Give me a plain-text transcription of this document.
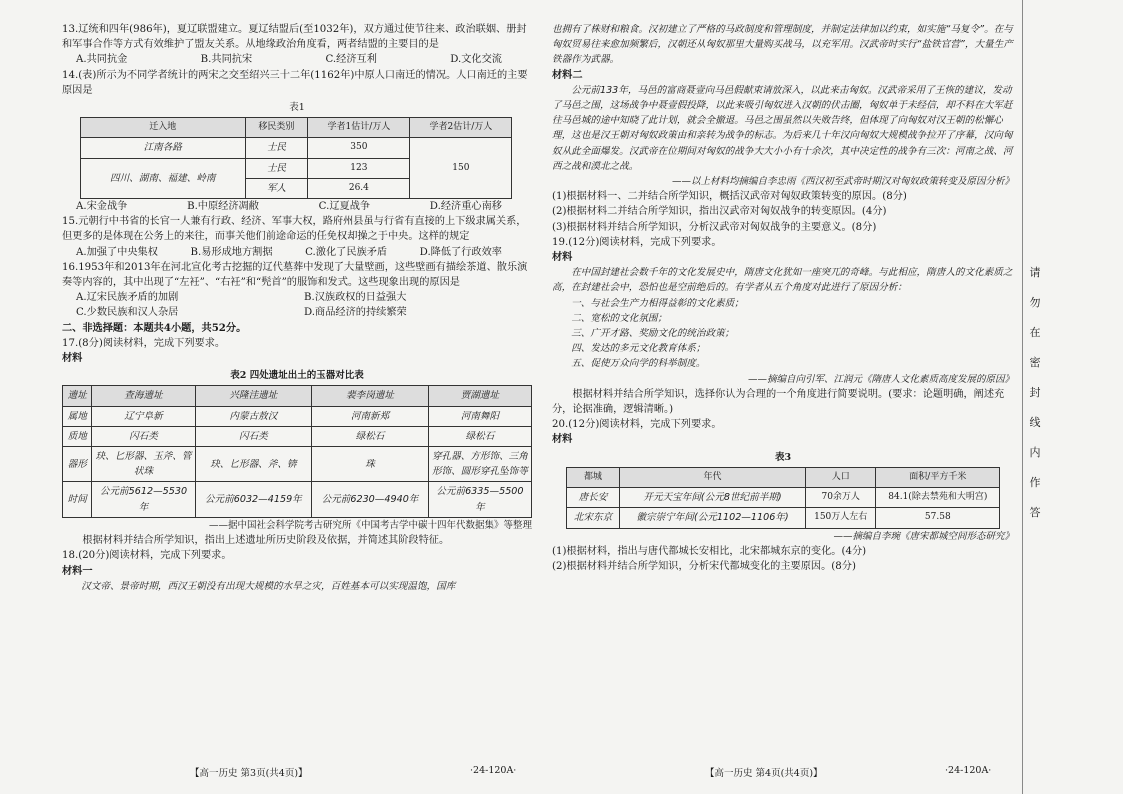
13.辽统和四年(986年)，夏辽联盟建立。夏辽结盟后(至1032年)，双方通过使节往来、政治联姻、册封和军事合作等方式有效维护了盟友关系。从地缘政治角度看，两者结盟的主要目的是

A.共同抗金	B.共同抗宋	C.经济互利	D.文化交流

14.(表)所示为不同学者统计的两宋之交至绍兴三十二年(1162年)中原人口南迁的情况。人口南迁的主要原因是

表1
迁入地	移民类别	学者1估计/万人	学者2估计/万人
江南各路	士民	350	150
四川、湖南、福建、岭南	士民	123	
	军人	26.4	
A.宋金战争	B.中原经济凋敝	C.辽夏战争	D.经济重心南移

15.元朝行中书省的长官一人兼有行政、经济、军事大权，路府州县虽与行省有直接的上下级隶属关系，但更多的是体现在公务上的来往，而事关他们前途命运的任免权却操之于中央。这样的规定

A.加强了中央集权	B.易形成地方割据	C.激化了民族矛盾	D.降低了行政效率

16.1953年和2013年在河北宣化考古挖掘的辽代墓葬中发现了大量壁画，这些壁画有描绘茶道、散乐演奏等内容的，其中出现了“左衽”、“右衽”和“髡首”的服饰和发式。这些现象出现的原因是

A.辽宋民族矛盾的加剧	B.汉族政权的日益强大
C.少数民族和汉人杂居	D.商品经济的持续繁荣

二、非选择题：本题共4小题，共52分。

17.(8分)阅读材料，完成下列要求。

材料

表2 四处遗址出土的玉器对比表
遗址	查海遗址	兴隆洼遗址	裴李岗遗址	贾湖遗址
属地	辽宁阜新	内蒙古敖汉	河南新郑	河南舞阳
质地	闪石类	闪石类	绿松石	绿松石
器形	玦、匕形器、玉斧、管状珠	玦、匕形器、斧、锛	珠	穿孔器、方形饰、三角形饰、圆形穿孔坠饰等
时间	公元前5612—5530年	公元前6032—4159年	公元前6230—4940年	公元前6335—5500年

——据中国社会科学院考古研究所《中国考古学中碳十四年代数据集》等整理

根据材料并结合所学知识，指出上述遗址所历史阶段及依据，并简述其阶段特征。

18.(20分)阅读材料，完成下列要求。

材料一

汉文帝、景帝时期，西汉王朝没有出现大规模的水旱之灾，百姓基本可以实现温饱，国库

【高一历史 第3页(共4页)】	·24-120A·

也拥有了株财和粮食。汉初建立了严格的马政制度和管理制度，并制定法律加以约束，如实施“马复令”。在与匈奴贸易往来愈加频繁后，汉朝还从匈奴那里大量购买战马，以充军用。汉武帝时实行“盐铁官营”，大量生产铁器作为武器。

材料二

公元前133年，马邑的富商聂壹向马邑假献束请放深入，以此来击匈奴。汉武帝采用了王恢的建议，发动了马邑之围，这场战争中聂壹假投降，以此来吸引匈奴进入汉朝的伏击圈，匈奴单于未经信，却不料在大军赶往马邑城的途中知晓了此计划，就会全撤退。马邑之围虽然以失败告终，但体现了向匈奴对汉王朝的松懈心理，这也是汉王朝对匈奴政策由和亲转为战争的标志。为后来几十年汉向匈奴大规模战争拉开了序幕，汉向匈奴从此全面爆发。汉武帝在位期间对匈奴的战争大大小小有十余次，其中决定性的战争有三次：河南之战、河西之战和漠北之战。

——以上材料均摘编自李忠雨《西汉初至武帝时期汉对匈奴政策转变及原因分析》

(1)根据材料一、二并结合所学知识，概括汉武帝对匈奴政策转变的原因。(8分)

(2)根据材料二并结合所学知识，指出汉武帝对匈奴战争的转变原因。(4分)

(3)根据材料并结合所学知识，分析汉武帝对匈奴战争的主要意义。(8分)

19.(12分)阅读材料，完成下列要求。

材料

在中国封建社会数千年的文化发展史中，隋唐文化犹如一座突兀的奇峰。与此相应，隋唐人的文化素质之高，在封建社会中，恐怕也是空前绝后的。有学者从五个角度对此进行了原因分析：

一、与社会生产力相得益彰的文化素质；

二、宽松的文化氛围；

三、广开才路、奖励文化的统治政策；

四、发达的多元文化教育体系；

五、促使万众向学的科举制度。

——摘编自向引军、江润元《隋唐人文化素质高度发展的原因》

根据材料并结合所学知识，选择你认为合理的一个角度进行简要说明。(要求：论题明确，阐述充分，论据准确，逻辑清晰。)

20.(12分)阅读材料，完成下列要求。

材料

表3
都城	年代	人口	面积/平方千米
唐长安	开元天宝年间(公元8世纪前半期)	70余万人	84.1(除去禁苑和大明宫)
北宋东京	徽宗崇宁年间(公元1102—1106年)	150万人左右	57.58

——摘编自李琬《唐宋都城空间形态研究》

(1)根据材料，指出与唐代都城长安相比，北宋都城东京的变化。(4分)

(2)根据材料并结合所学知识，分析宋代都城变化的主要原因。(8分)

【高一历史 第4页(共4页)】	·24-120A·
请
勿
在
密
封
线
内
作
答
